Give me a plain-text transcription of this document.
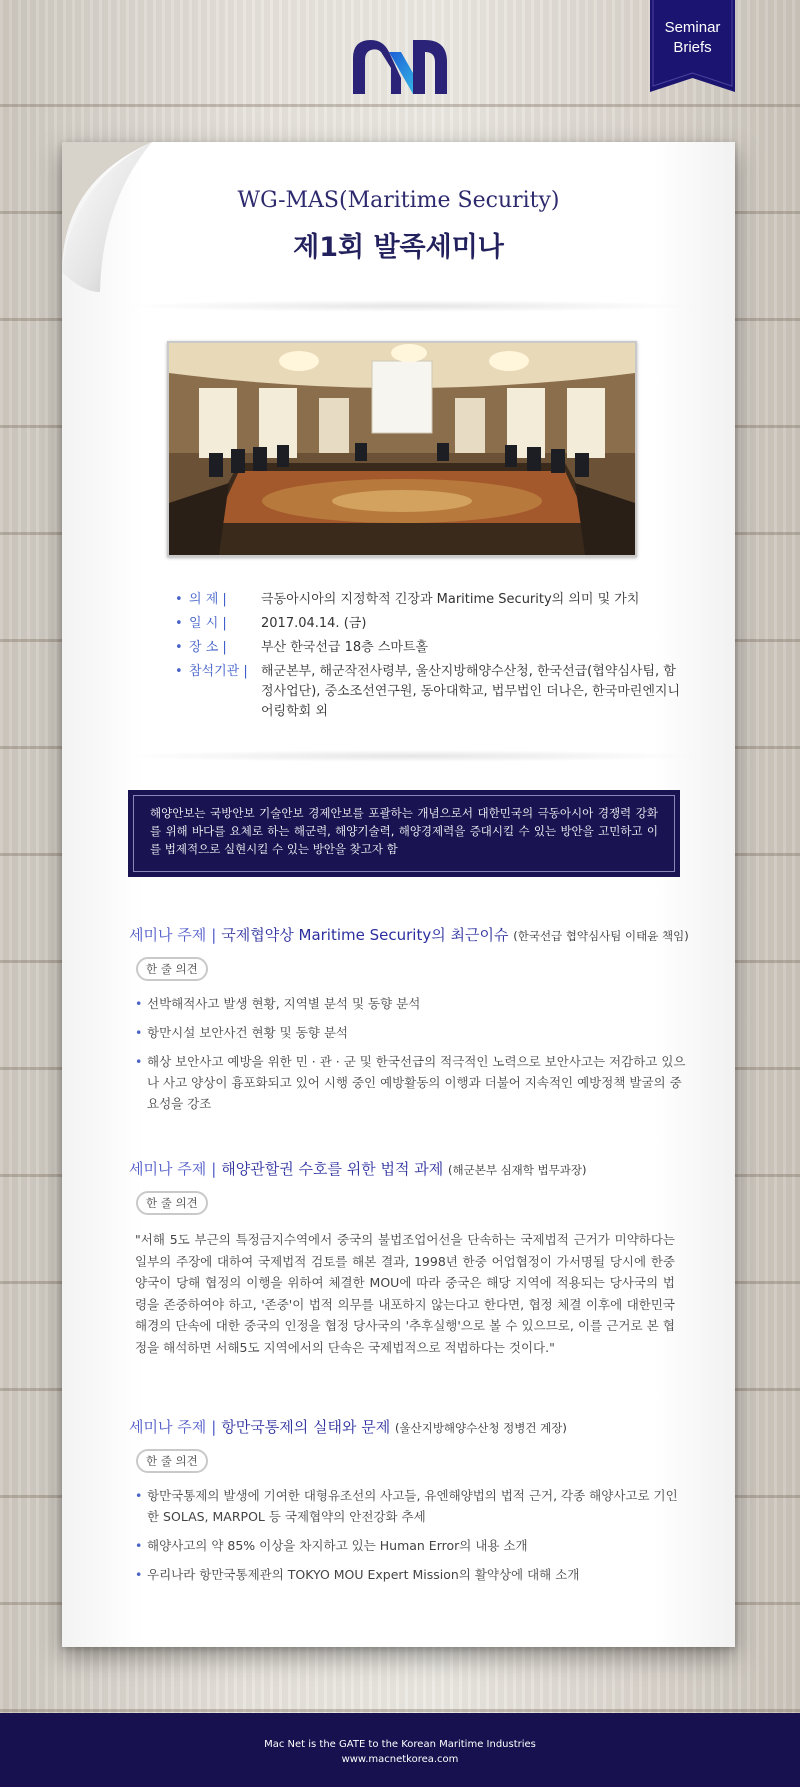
Seminar
Briefs
WG-MAS(Maritime Security)
제1회 발족세미나
• 의 제 |	극동아시아의 지정학적 긴장과 Maritime Security의 의미 및 가치
• 일 시 |	2017.04.14. (금)
• 장 소 |	부산 한국선급 18층 스마트홀
• 참석기관 |	해군본부, 해군작전사령부, 울산지방해양수산청, 한국선급(협약심사팀, 함정사업단), 중소조선연구원, 동아대학교, 법무법인 더나은, 한국마린엔지니어링학회 외
해양안보는 국방안보 기술안보 경제안보를 포괄하는 개념으로서 대한민국의 극동아시아 경쟁력 강화를 위해 바다를 요체로 하는 해군력, 해양기술력, 해양경제력을 증대시킬 수 있는 방안을 고민하고 이를 법제적으로 실현시킬 수 있는 방안을 찾고자 함
세미나 주제 | 국제협약상 Maritime Security의 최근이슈 (한국선급 협약심사팀 이태윤 책임)
한 줄 의견
• 선박해적사고 발생 현황, 지역별 분석 및 동향 분석
• 항만시설 보안사건 현황 및 동향 분석
• 해상 보안사고 예방을 위한 민 · 관 · 군 및 한국선급의 적극적인 노력으로 보안사고는 저감하고 있으나 사고 양상이 흉포화되고 있어 시행 중인 예방활동의 이행과 더불어 지속적인 예방정책 발굴의 중요성을 강조
세미나 주제 | 해양관할권 수호를 위한 법적 과제 (해군본부 심재학 법무과장)
한 줄 의견
"서해 5도 부근의 특정금지수역에서 중국의 불법조업어선을 단속하는 국제법적 근거가 미약하다는 일부의 주장에 대하여 국제법적 검토를 해본 결과, 1998년 한중 어업협정이 가서명될 당시에 한중 양국이 당해 협정의 이행을 위하여 체결한 MOU에 따라 중국은 해당 지역에 적용되는 당사국의 법령을 존중하여야 하고, '존중'이 법적 의무를 내포하지 않는다고 한다면, 협정 체결 이후에 대한민국 해경의 단속에 대한 중국의 인정을 협정 당사국의 '추후실행'으로 볼 수 있으므로, 이를 근거로 본 협정을 해석하면 서해5도 지역에서의 단속은 국제법적으로 적법하다는 것이다."
세미나 주제 | 항만국통제의 실태와 문제 (울산지방해양수산청 정병건 계장)
한 줄 의견
• 항만국통제의 발생에 기여한 대형유조선의 사고들, 유엔해양법의 법적 근거, 각종 해양사고로 기인한 SOLAS, MARPOL 등 국제협약의 안전강화 추세
• 해양사고의 약 85% 이상을 차지하고 있는 Human Error의 내용 소개
• 우리나라 항만국통제관의 TOKYO MOU Expert Mission의 활약상에 대해 소개
Mac Net is the GATE to the Korean Maritime Industries
www.macnetkorea.com
